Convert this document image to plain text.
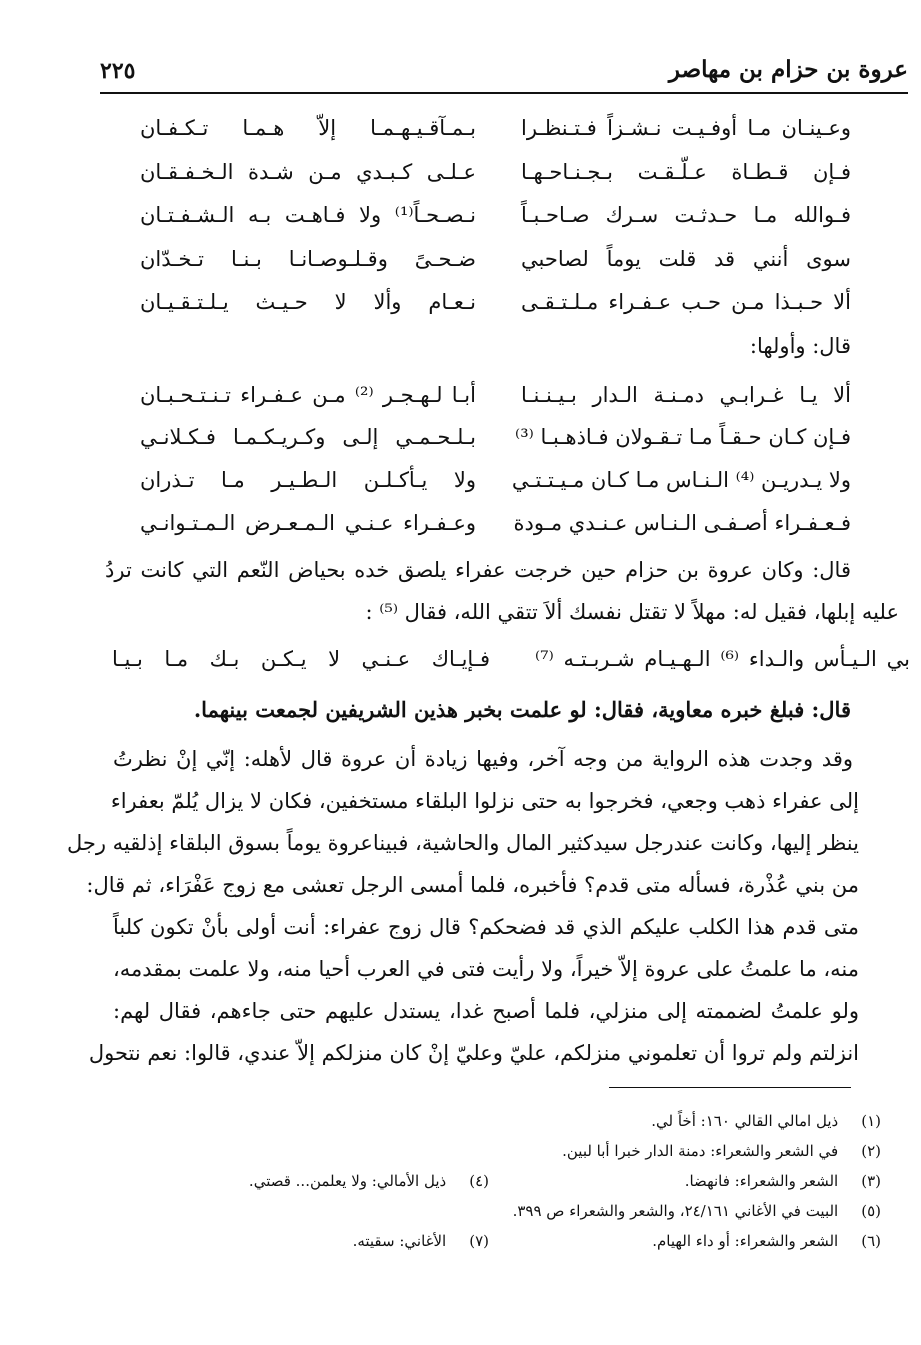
عروة بن حزام بن مهاصر
٢٢٥
وعـينـان مـا أوفـيـت نـشـزاً فـتـنظـرا
بـمـآقـيـهـمـا إلاّ هـمـا تـكـفـان
فـإن قـطـاة عـلّـقـت بـجـنـاحـهـا
عـلـى كـبـدي مـن شـدة الـخـفـقـان
فـوالله مـا حـدثـت سـرك صـاحـبـاً
نـصـحـاً⁽¹⁾ ولا فـاهـت بـه الـشـفـتـان
سوى أنني قد قلت يوماً لصاحبي
ضـحـىً وقـلـوصـانـا بـنـا تـخـدّان
ألا حـبـذا مـن حـب عـفـراء مـلـتـقـى
نـعـام وألا لا حـيـث يـلـتـقـيـان
قال: وأولها:
ألا يـا غـرابـي دمـنـة الـدار بـيـنـنـا
أبـا لـهـجـر ⁽²⁾ مـن عـفـراء تـنـتـحـبـان
فـإن كـان حـقـاً مـا تـقـولان فـاذهـبـا ⁽³⁾
بـلـحـمـي إلـى وكـريـكـمـا فـكـلانـي
ولا يـدريـن ⁽⁴⁾ الـنـاس مـا كـان مـيـتـتـي
ولا يـأكـلـن الـطـيـر مـا تـذران
فـعـفـراء أصـفـى الـنـاس عـنـدي مـودة
وعـفـراء عـنـي الـمـعـرض الـمـتـوانـي
قال: وكان عروة بن حزام حين خرجت عفراء يلصق خده بحياض النّعم التي كانت تردُ
عليه إبلها، فقيل له: مهلاً لا تقتل نفسك ألاَ تتقي الله، فقال ⁽⁵⁾ :
فـإيـاك عـنـي لا يـكـن بـك مـا بـيـا بي الـيـأس والـداء ⁽⁶⁾ الـهـيـام شـربـتـه ⁽⁷⁾
قال: فبلغ خبره معاوية، فقال: لو علمت بخبر هذين الشريفين لجمعت بينهما.
وقد وجدت هذه الرواية من وجه آخر، وفيها زيادة أن عروة قال لأهله: إنّي إنْ نظرتُ
إلى عفراء ذهب وجعي، فخرجوا به حتى نزلوا البلقاء مستخفين، فكان لا يزال يُلمّ بعفراء
ينظر إليها، وكانت عندرجل سيدكثير المال والحاشية، فبيناعروة يوماً بسوق البلقاء إذلقيه رجل
من بني عُذْرة، فسأله متى قدم؟ فأخبره، فلما أمسى الرجل تعشى مع زوج عَفْرَاء، ثم قال:
متى قدم هذا الكلب عليكم الذي قد فضحكم؟ قال زوج عفراء: أنت أولى بأنْ تكون كلباً
منه، ما علمتُ على عروة إلاّ خيراً، ولا رأيت فتى في العرب أحيا منه، ولا علمت بمقدمه،
ولو علمتُ لضممته إلى منزلي، فلما أصبح غدا، يستدل عليهم حتى جاءهم، فقال لهم:
انزلتم ولم تروا أن تعلموني منزلكم، عليّ وعليّ إنْ كان منزلكم إلاّ عندي، قالوا: نعم نتحول
(١) ذيل امالي القالي ١٦٠: أخاً لي.
(٢) في الشعر والشعراء: دمنة الدار خبرا أبا لبين.
(٣) الشعر والشعراء: فانهضا.
(٤) ذيل الأمالي: ولا يعلمن... قصتي.
(٥) البيت في الأغاني ٢٤/١٦١، والشعر والشعراء ص ٣٩٩.
(٦) الشعر والشعراء: أو داء الهيام.
(٧) الأغاني: سقيته.
